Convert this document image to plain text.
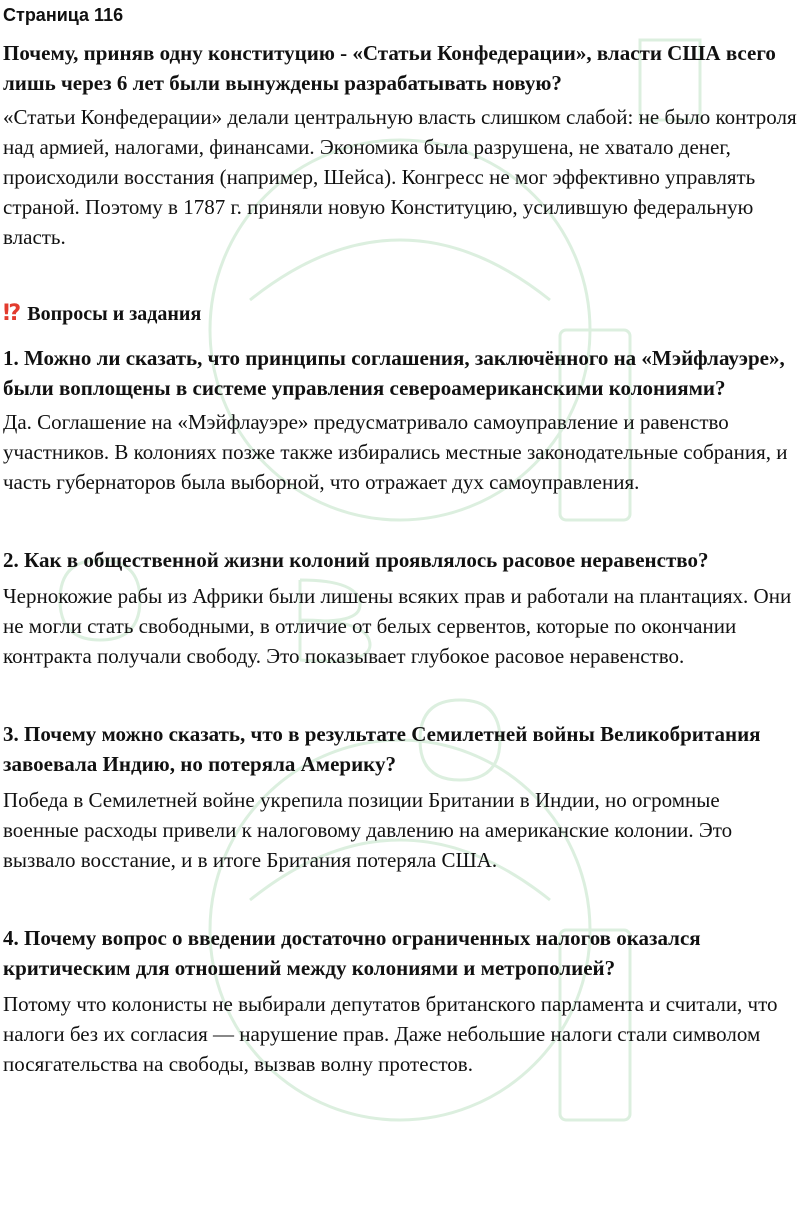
Страница 116

Почему, приняв одну конституцию - «Статьи Конфедерации», власти США всего лишь через 6 лет были вынуждены разрабатывать новую?

«Статьи Конфедерации» делали центральную власть слишком слабой: не было контроля над армией, налогами, финансами. Экономика была разрушена, не хватало денег, происходили восстания (например, Шейса). Конгресс не мог эффективно управлять страной. Поэтому в 1787 г. приняли новую Конституцию, усилившую федеральную власть.

⁉ Вопросы и задания

1. Можно ли сказать, что принципы соглашения, заключённого на «Мэйфлауэре», были воплощены в системе управления североамериканскими колониями?

Да. Соглашение на «Мэйфлауэре» предусматривало самоуправление и равенство участников. В колониях позже также избирались местные законодательные собрания, и часть губернаторов была выборной, что отражает дух самоуправления.

2. Как в общественной жизни колоний проявлялось расовое неравенство?

Чернокожие рабы из Африки были лишены всяких прав и работали на плантациях. Они не могли стать свободными, в отличие от белых сервентов, которые по окончании контракта получали свободу. Это показывает глубокое расовое неравенство.

3. Почему можно сказать, что в результате Семилетней войны Великобритания завоевала Индию, но потеряла Америку?

Победа в Семилетней войне укрепила позиции Британии в Индии, но огромные военные расходы привели к налоговому давлению на американские колонии. Это вызвало восстание, и в итоге Британия потеряла США.

4. Почему вопрос о введении достаточно ограниченных налогов оказался критическим для отношений между колониями и метрополией?

Потому что колонисты не выбирали депутатов британского парламента и считали, что налоги без их согласия — нарушение прав. Даже небольшие налоги стали символом посягательства на свободы, вызвав волну протестов.
